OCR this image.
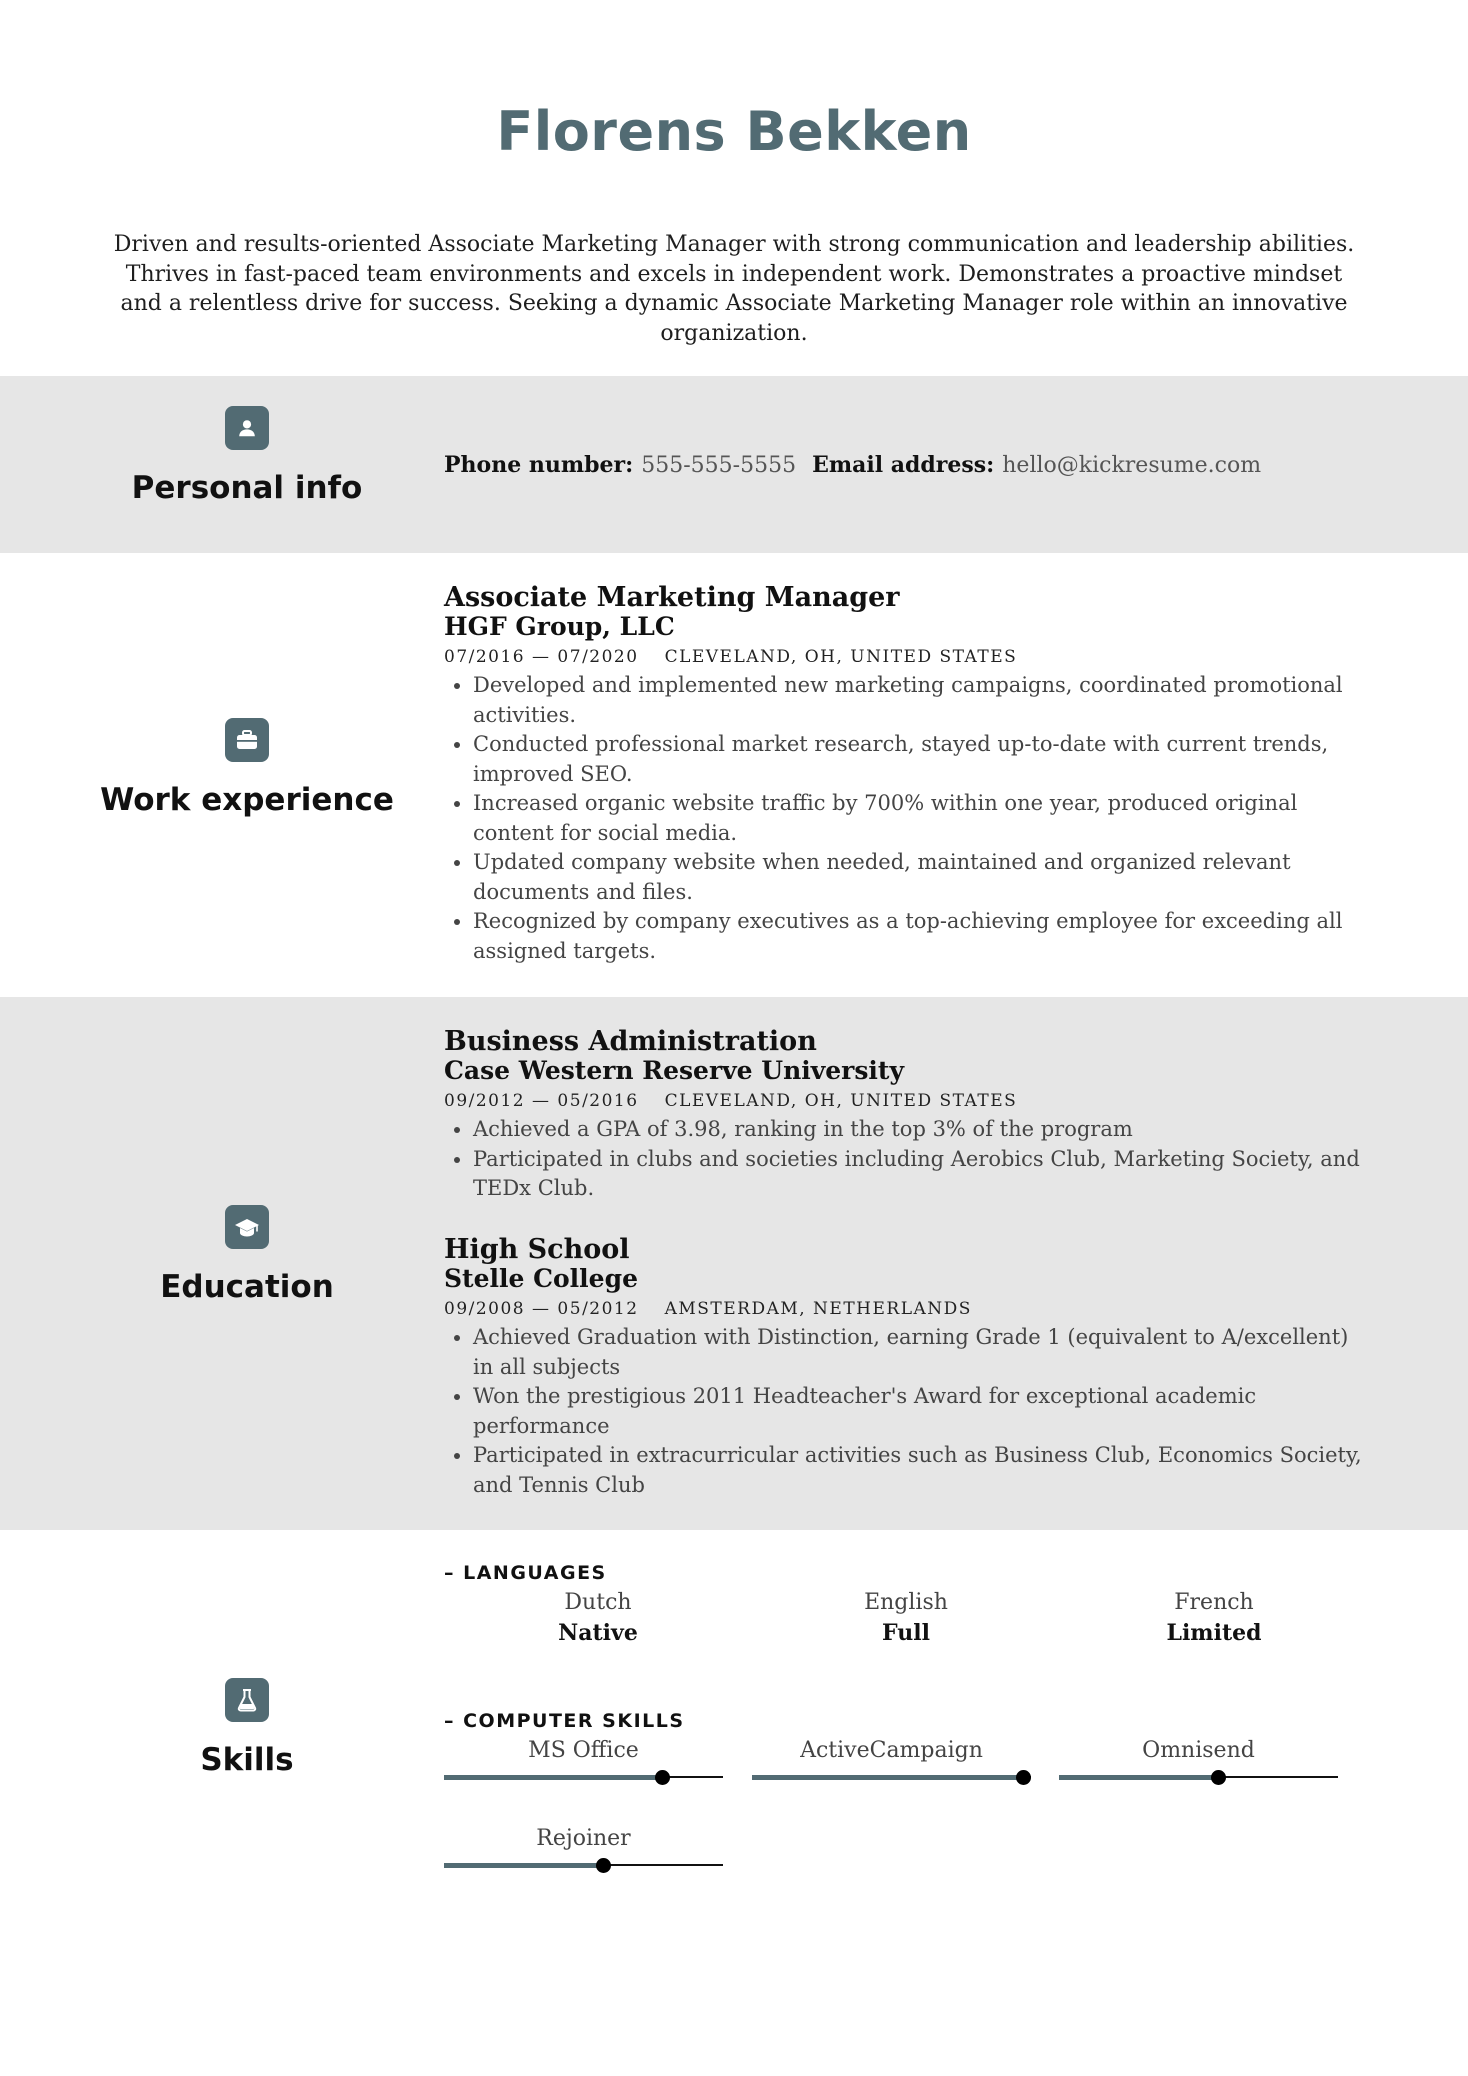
Florens Bekken
Driven and results-oriented Associate Marketing Manager with strong communication and leadership abilities. Thrives in fast-paced team environments and excels in independent work. Demonstrates a proactive mindset and a relentless drive for success. Seeking a dynamic Associate Marketing Manager role within an innovative organization.
Personal info
Phone number: 555-555-5555 Email address: hello@kickresume.com
Work experience
Associate Marketing Manager
HGF Group, LLC
07/2016 — 07/2020 CLEVELAND, OH, UNITED STATES
• Developed and implemented new marketing campaigns, coordinated promotional activities.
• Conducted professional market research, stayed up-to-date with current trends, improved SEO.
• Increased organic website traffic by 700% within one year, produced original content for social media.
• Updated company website when needed, maintained and organized relevant documents and files.
• Recognized by company executives as a top-achieving employee for exceeding all assigned targets.
Education
Business Administration
Case Western Reserve University
09/2012 — 05/2016 CLEVELAND, OH, UNITED STATES
• Achieved a GPA of 3.98, ranking in the top 3% of the program
• Participated in clubs and societies including Aerobics Club, Marketing Society, and TEDx Club.
High School
Stelle College
09/2008 — 05/2012 AMSTERDAM, NETHERLANDS
• Achieved Graduation with Distinction, earning Grade 1 (equivalent to A/excellent) in all subjects
• Won the prestigious 2011 Headteacher's Award for exceptional academic performance
• Participated in extracurricular activities such as Business Club, Economics Society, and Tennis Club
Skills
– LANGUAGES
Dutch
Native
English
Full
French
Limited
– COMPUTER SKILLS
MS Office	ActiveCampaign	Omnisend
Rejoiner
